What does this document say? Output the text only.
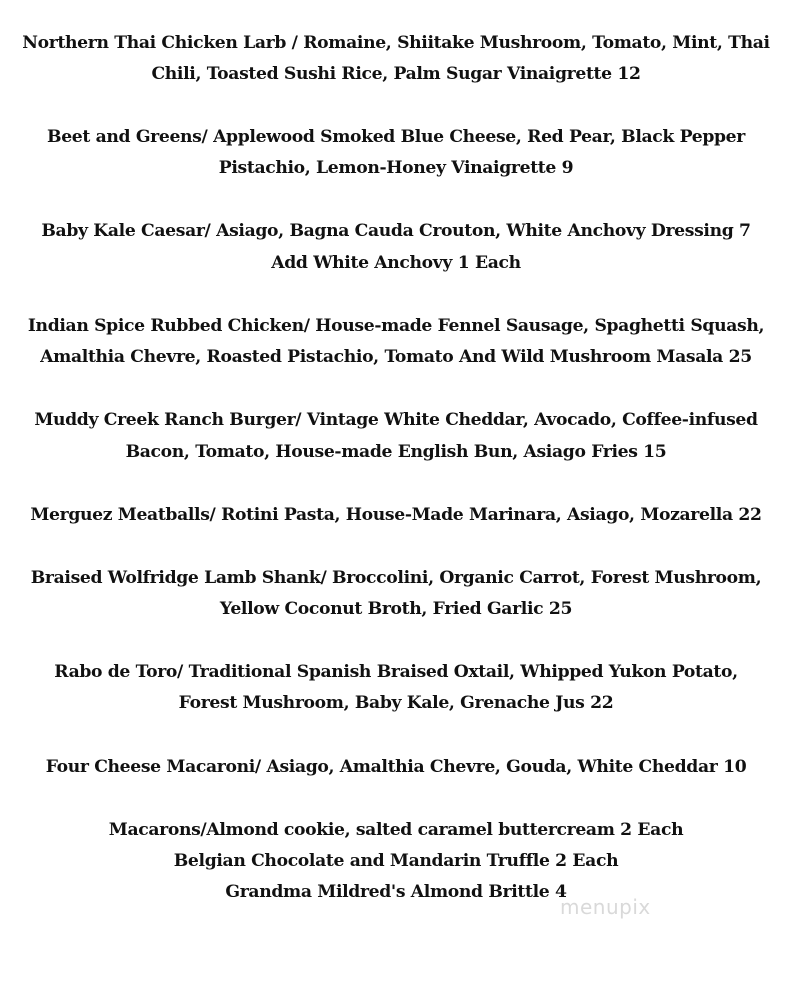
Northern Thai Chicken Larb / Romaine, Shiitake Mushroom, Tomato, Mint, Thai
Chili, Toasted Sushi Rice, Palm Sugar Vinaigrette 12
Beet and Greens/ Applewood Smoked Blue Cheese, Red Pear, Black Pepper
Pistachio, Lemon-Honey Vinaigrette 9
Baby Kale Caesar/ Asiago, Bagna Cauda Crouton, White Anchovy Dressing 7
Add White Anchovy 1 Each
Indian Spice Rubbed Chicken/ House-made Fennel Sausage, Spaghetti Squash,
Amalthia Chevre, Roasted Pistachio, Tomato And Wild Mushroom Masala 25
Muddy Creek Ranch Burger/ Vintage White Cheddar, Avocado, Coffee-infused
Bacon, Tomato, House-made English Bun, Asiago Fries 15
Merguez Meatballs/ Rotini Pasta, House-Made Marinara, Asiago, Mozarella 22
Braised Wolfridge Lamb Shank/ Broccolini, Organic Carrot, Forest Mushroom,
Yellow Coconut Broth, Fried Garlic 25
Rabo de Toro/ Traditional Spanish Braised Oxtail, Whipped Yukon Potato,
Forest Mushroom, Baby Kale, Grenache Jus 22
Four Cheese Macaroni/ Asiago, Amalthia Chevre, Gouda, White Cheddar 10
Macarons/Almond cookie, salted caramel buttercream 2 Each
Belgian Chocolate and Mandarin Truffle 2 Each
Grandma Mildred's Almond Brittle 4
menupix
